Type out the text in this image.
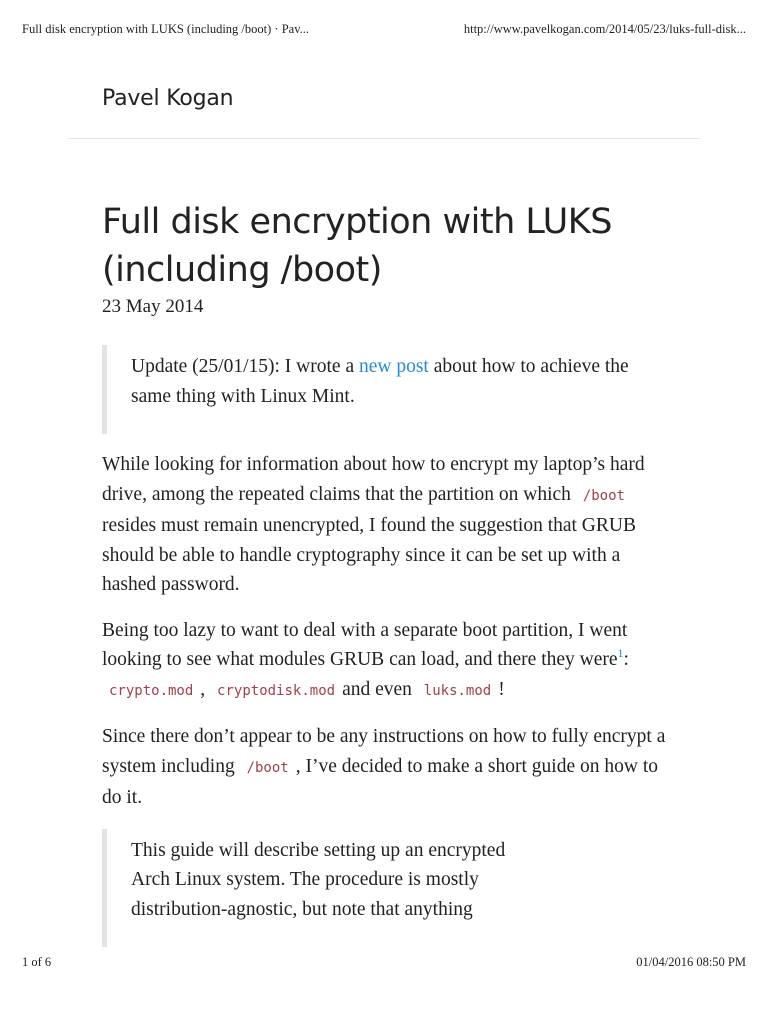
Full disk encryption with LUKS (including /boot) · Pav...	http://www.pavelkogan.com/2014/05/23/luks-full-disk...
Pavel Kogan
Full disk encryption with LUKS
(including /boot)
23 May 2014

Update (25/01/15): I wrote a new post about how to achieve the same thing with Linux Mint.

While looking for information about how to encrypt my laptop’s hard drive, among the repeated claims that the partition on which /boot resides must remain unencrypted, I found the suggestion that GRUB should be able to handle cryptography since it can be set up with a hashed password.

Being too lazy to want to deal with a separate boot partition, I went looking to see what modules GRUB can load, and there they were$^1$:
crypto.mod , cryptodisk.mod and even luks.mod !

Since there don’t appear to be any instructions on how to fully encrypt a system including /boot , I’ve decided to make a short guide on how to do it.

This guide will describe setting up an encrypted
Arch Linux system. The procedure is mostly
distribution-agnostic, but note that anything

1 of 6	01/04/2016 08:50 PM
